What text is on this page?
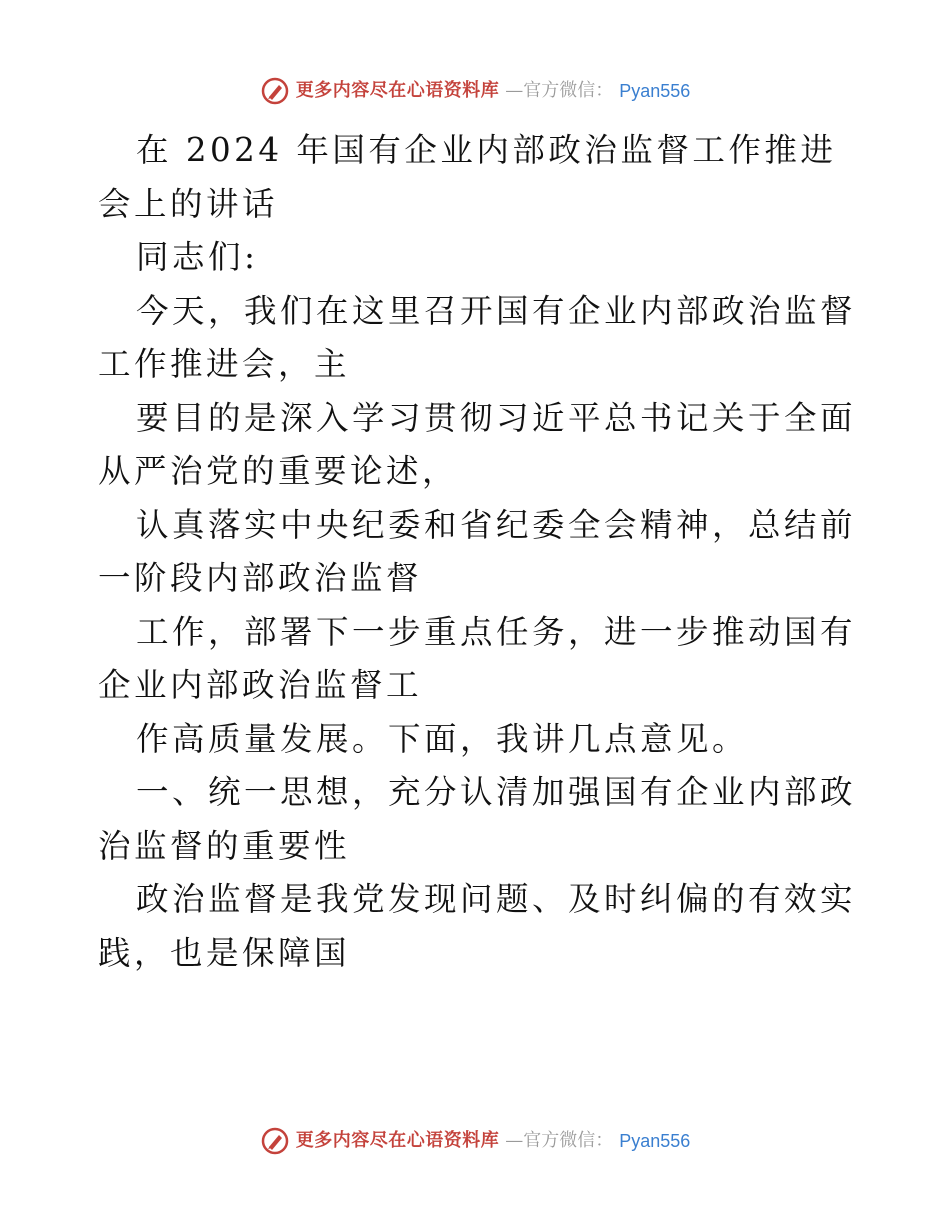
更多内容尽在心语资料库 —官方微信： Pyan556

在 2024 年国有企业内部政治监督工作推进会上的讲话

同志们:

今天，我们在这里召开国有企业内部政治监督工作推进会，主

要目的是深入学习贯彻习近平总书记关于全面从严治党的重要论述，

认真落实中央纪委和省纪委全会精神，总结前一阶段内部政治监督

工作，部署下一步重点任务，进一步推动国有企业内部政治监督工

作高质量发展。下面，我讲几点意见。

一、统一思想，充分认清加强国有企业内部政治监督的重要性

政治监督是我党发现问题、及时纠偏的有效实践，也是保障国

更多内容尽在心语资料库 —官方微信： Pyan556
